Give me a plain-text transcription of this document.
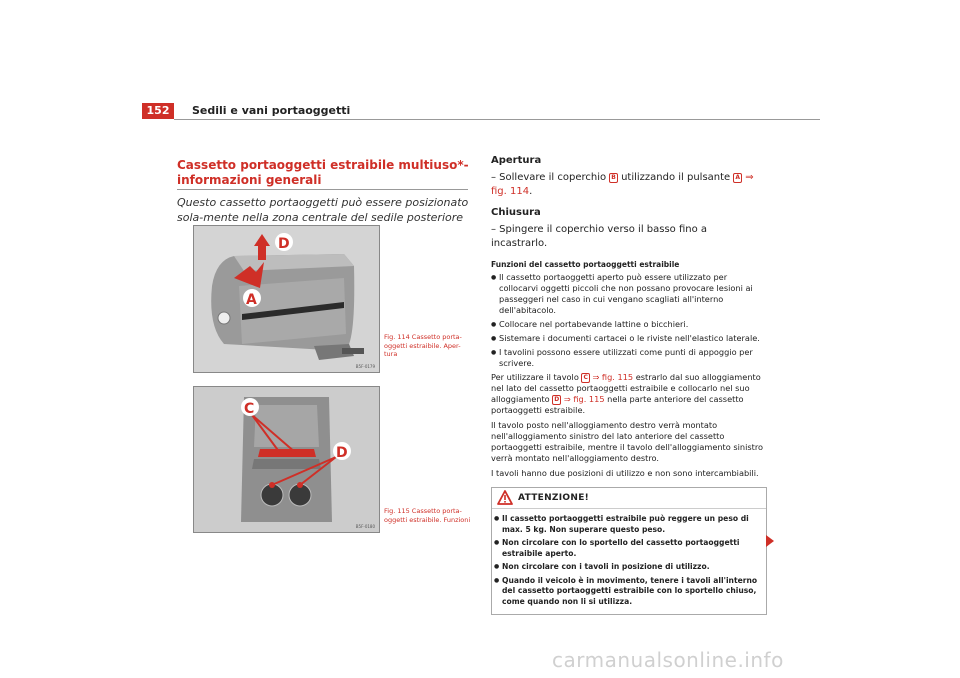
152	Sedili e vani portaoggetti
Cassetto portaoggetti estraibile multiuso*- informazioni generali
Questo cassetto portaoggetti può essere posizionato sola-mente nella zona centrale del sedile posteriore
D
A
B5F-0179
Fig. 114 Cassetto porta-oggetti estraibile. Aper-tura
C
D
B5F-0180
Fig. 115 Cassetto porta-oggetti estraibile. Funzioni
Apertura
– Sollevare il coperchio B utilizzando il pulsante A ⇒ fig. 114.
Chiusura
– Spingere il coperchio verso il basso fino a incastrarlo.
Funzioni del cassetto portaoggetti estraibile
● Il cassetto portaoggetti aperto può essere utilizzato per collocarvi oggetti piccoli che non possano provocare lesioni ai passeggeri nel caso in cui vengano scagliati all'interno dell'abitacolo.
● Collocare nel portabevande lattine o bicchieri.
● Sistemare i documenti cartacei o le riviste nell'elastico laterale.
● I tavolini possono essere utilizzati come punti di appoggio per scrivere.
Per utilizzare il tavolo C ⇒ fig. 115 estrarlo dal suo alloggiamento nel lato del cassetto portaoggetti estraibile e collocarlo nel suo alloggiamento D ⇒ fig. 115 nella parte anteriore del cassetto portaoggetti estraibile.
Il tavolo posto nell'alloggiamento destro verrà montato nell'alloggiamento sinistro del lato anteriore del cassetto portaoggetti estraibile, mentre il tavolo dell'alloggiamento sinistro verrà montato nell'alloggiamento destro.
I tavoli hanno due posizioni di utilizzo e non sono intercambiabili.
ATTENZIONE!
● Il cassetto portaoggetti estraibile può reggere un peso di max. 5 kg. Non superare questo peso.
● Non circolare con lo sportello del cassetto portaoggetti estraibile aperto.
● Non circolare con i tavoli in posizione di utilizzo.
● Quando il veicolo è in movimento, tenere i tavoli all'interno del cassetto portaoggetti estraibile con lo sportello chiuso, come quando non li si utilizza.
carmanualsonline.info
